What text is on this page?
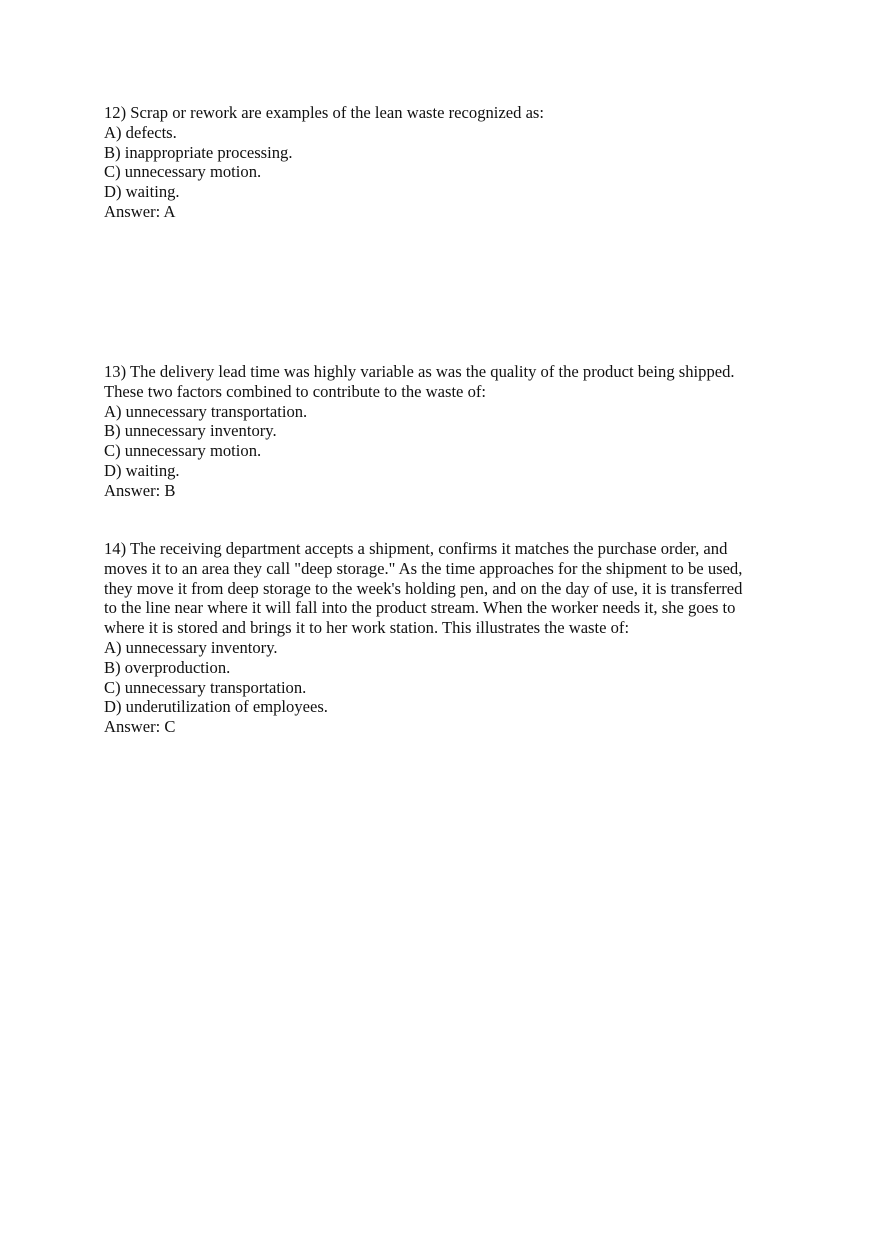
12) Scrap or rework are examples of the lean waste recognized as:
A) defects.
B) inappropriate processing.
C) unnecessary motion.
D) waiting.
Answer: A
13) The delivery lead time was highly variable as was the quality of the product being shipped.
These two factors combined to contribute to the waste of:
A) unnecessary transportation.
B) unnecessary inventory.
C) unnecessary motion.
D) waiting.
Answer: B
14) The receiving department accepts a shipment, confirms it matches the purchase order, and
moves it to an area they call "deep storage." As the time approaches for the shipment to be used,
they move it from deep storage to the week's holding pen, and on the day of use, it is transferred
to the line near where it will fall into the product stream. When the worker needs it, she goes to
where it is stored and brings it to her work station. This illustrates the waste of:
A) unnecessary inventory.
B) overproduction.
C) unnecessary transportation.
D) underutilization of employees.
Answer: C
